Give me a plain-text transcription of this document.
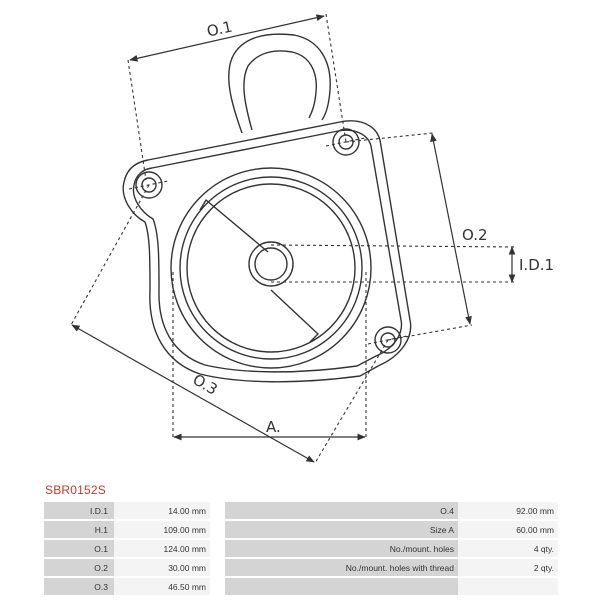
O.1
O.2
I.D.1
O.3
A.
SBR0152S
I.D.1	14.00 mm		O.4	92.00 mm
H.1	109.00 mm		Size A	60.00 mm
O.1	124.00 mm		No./mount. holes	4 qty.
O.2	30.00 mm		No./mount. holes with thread	2 qty.
O.3	46.50 mm			
